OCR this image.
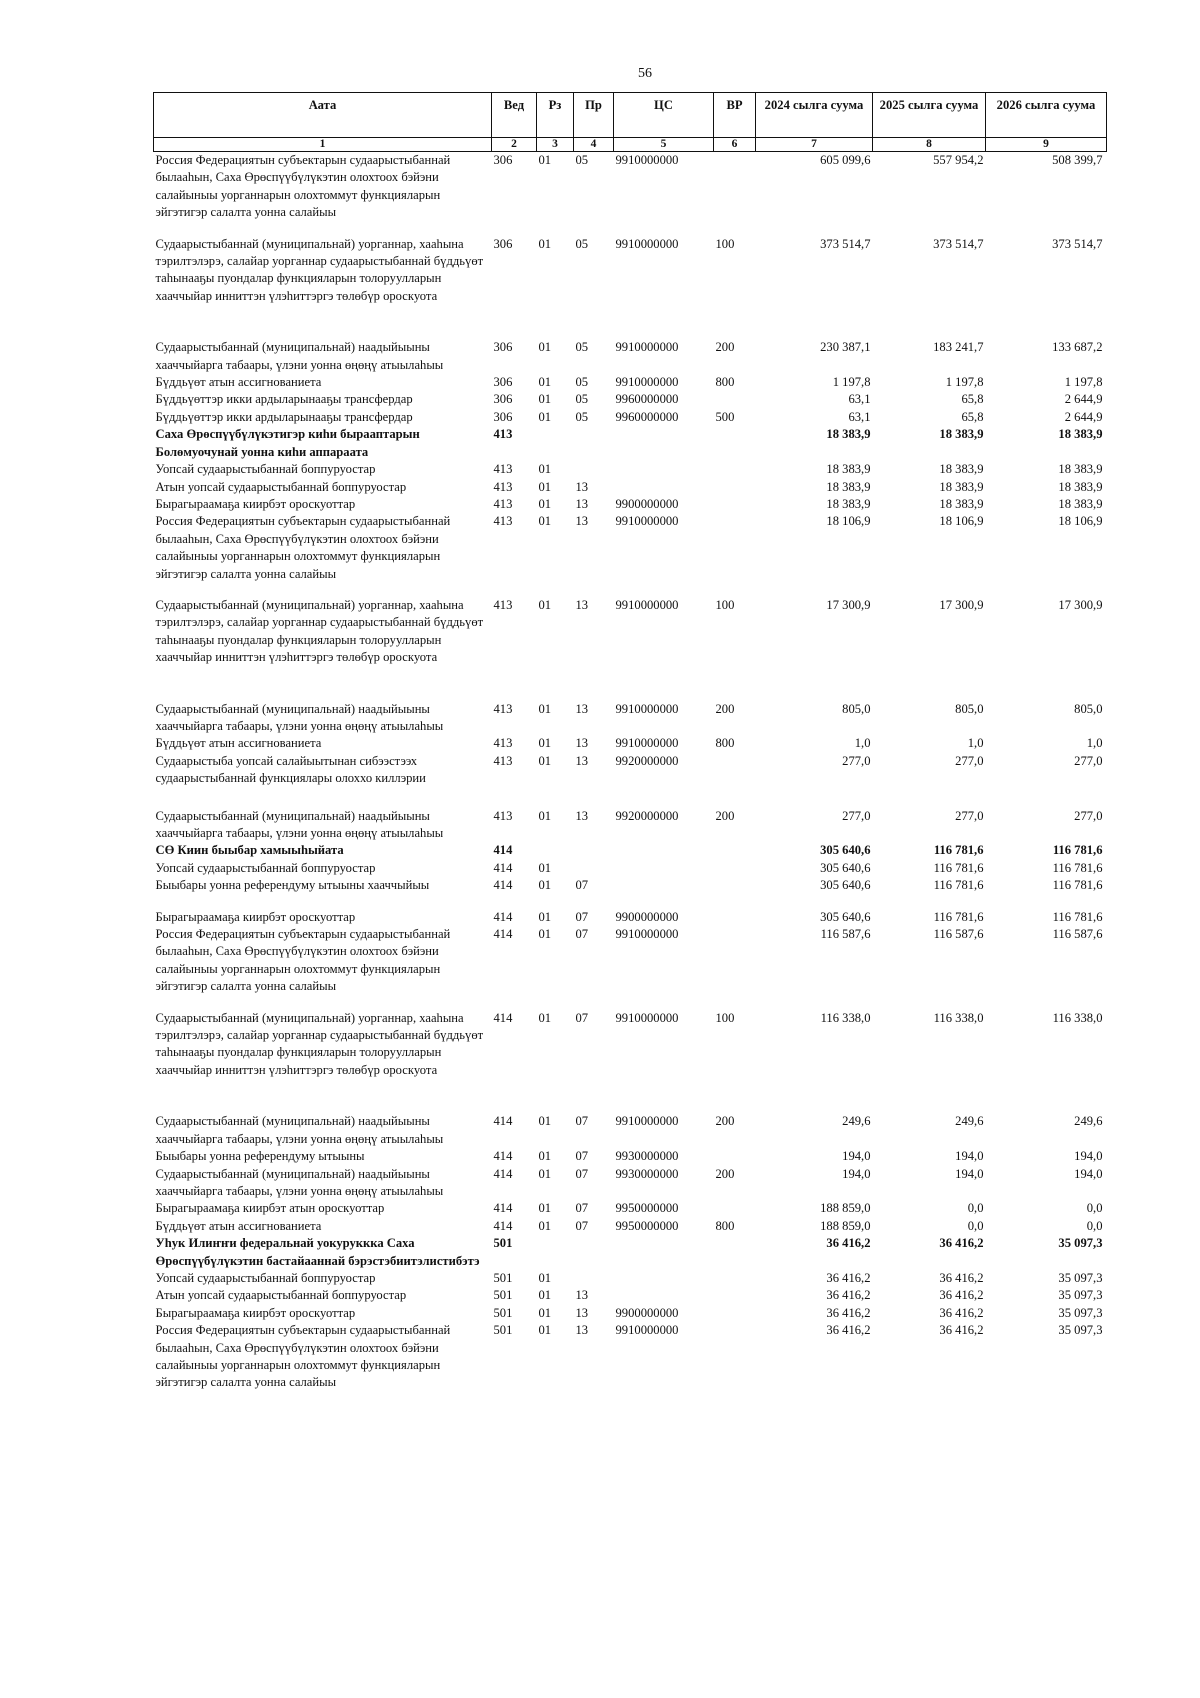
56
Аата	Вед	Рз	Пр	ЦС	ВР	2024 сылга суума	2025 сылга суума	2026 сылга суума
1	2	3	4	5	6	7	8	9
Россия Федерациятын субъектарын судаарыстыбаннай былааһын, Саха Өрөспүүбүлүкэтин олохтоох бэйэни салайыныы уорганнарын олохтоммут функцияларын эйгэтигэр салалта уонна салайыы	306	01	05	9910000000		605 099,6	557 954,2	508 399,7
Судаарыстыбаннай (муниципальнай) уорганнар, хааһына тэрилтэлэрэ, салайар уорганнар судаарыстыбаннай бүддьүөт таһынааҕы пуондалар функцияларын толоруулларын хааччыйар инниттэн үлэһиттэргэ төлөбүр ороскуота	306	01	05	9910000000	100	373 514,7	373 514,7	373 514,7
Судаарыстыбаннай (муниципальнай) наадыйыыны хааччыйарга табаары, үлэни уонна өңөңү атыылаһыы	306	01	05	9910000000	200	230 387,1	183 241,7	133 687,2
Бүддьүөт атын ассигнованиета	306	01	05	9910000000	800	1 197,8	1 197,8	1 197,8
Бүддьүөттэр икки ардыларынааҕы трансфердар	306	01	05	9960000000		63,1	65,8	2 644,9
Бүддьүөттэр икки ардыларынааҕы трансфердар	306	01	05	9960000000	500	63,1	65,8	2 644,9
Саха Өрөспүүбүлүкэтигэр киһи бырааптарын Болөмуочунай уонна киһи аппараата	413					18 383,9	18 383,9	18 383,9
Уопсай судаарыстыбаннай боппуруостар	413	01				18 383,9	18 383,9	18 383,9
Атын уопсай судаарыстыбаннай боппуруостар	413	01	13			18 383,9	18 383,9	18 383,9
Бырагыраамаҕа киирбэт ороскуоттар	413	01	13	9900000000		18 383,9	18 383,9	18 383,9
Россия Федерациятын субъектарын судаарыстыбаннай былааһын, Саха Өрөспүүбүлүкэтин олохтоох бэйэни салайыныы уорганнарын олохтоммут функцияларын эйгэтигэр салалта уонна салайыы	413	01	13	9910000000		18 106,9	18 106,9	18 106,9
Судаарыстыбаннай (муниципальнай) уорганнар, хааһына тэрилтэлэрэ, салайар уорганнар судаарыстыбаннай бүддьүөт таһынааҕы пуондалар функцияларын толоруулларын хааччыйар инниттэн үлэһиттэргэ төлөбүр ороскуота	413	01	13	9910000000	100	17 300,9	17 300,9	17 300,9
Судаарыстыбаннай (муниципальнай) наадыйыыны хааччыйарга табаары, үлэни уонна өңөңү атыылаһыы	413	01	13	9910000000	200	805,0	805,0	805,0
Бүддьүөт атын ассигнованиета	413	01	13	9910000000	800	1,0	1,0	1,0
Судаарыстыба уопсай салайыытынан сибээстээх судаарыстыбаннай функциялары олоххо киллэрии	413	01	13	9920000000		277,0	277,0	277,0
Судаарыстыбаннай (муниципальнай) наадыйыыны хааччыйарга табаары, үлэни уонна өңөңү атыылаһыы	413	01	13	9920000000	200	277,0	277,0	277,0
СӨ Киин быыбар хамыыһыйата	414					305 640,6	116 781,6	116 781,6
Уопсай судаарыстыбаннай боппуруостар	414	01				305 640,6	116 781,6	116 781,6
Быыбары уонна референдуму ытыыны хааччыйыы	414	01	07			305 640,6	116 781,6	116 781,6
Бырагыраамаҕа киирбэт ороскуоттар	414	01	07	9900000000		305 640,6	116 781,6	116 781,6
Россия Федерациятын субъектарын судаарыстыбаннай былааһын, Саха Өрөспүүбүлүкэтин олохтоох бэйэни салайыныы уорганнарын олохтоммут функцияларын эйгэтигэр салалта уонна салайыы	414	01	07	9910000000		116 587,6	116 587,6	116 587,6
Судаарыстыбаннай (муниципальнай) уорганнар, хааһына тэрилтэлэрэ, салайар уорганнар судаарыстыбаннай бүддьүөт таһынааҕы пуондалар функцияларын толоруулларын хааччыйар инниттэн үлэһиттэргэ төлөбүр ороскуота	414	01	07	9910000000	100	116 338,0	116 338,0	116 338,0
Судаарыстыбаннай (муниципальнай) наадыйыыны хааччыйарга табаары, үлэни уонна өңөңү атыылаһыы	414	01	07	9910000000	200	249,6	249,6	249,6
Быыбары уонна референдуму ытыыны	414	01	07	9930000000		194,0	194,0	194,0
Судаарыстыбаннай (муниципальнай) наадыйыыны хааччыйарга табаары, үлэни уонна өңөңү атыылаһыы	414	01	07	9930000000	200	194,0	194,0	194,0
Бырагыраамаҕа киирбэт атын ороскуоттар	414	01	07	9950000000		188 859,0	0,0	0,0
Бүддьүөт атын ассигнованиета	414	01	07	9950000000	800	188 859,0	0,0	0,0
Уһук Илиҥҥи федеральнай уокуруккка Саха Өрөспүүбүлүкэтин бастайааннай бэрэстэбиитэлистибэтэ	501					36 416,2	36 416,2	35 097,3
Уопсай судаарыстыбаннай боппуруостар	501	01				36 416,2	36 416,2	35 097,3
Атын уопсай судаарыстыбаннай боппуруостар	501	01	13			36 416,2	36 416,2	35 097,3
Бырагыраамаҕа киирбэт ороскуоттар	501	01	13	9900000000		36 416,2	36 416,2	35 097,3
Россия Федерациятын субъектарын судаарыстыбаннай былааһын, Саха Өрөспүүбүлүкэтин олохтоох бэйэни салайыныы уорганнарын олохтоммут функцияларын эйгэтигэр салалта уонна салайыы	501	01	13	9910000000		36 416,2	36 416,2	35 097,3
